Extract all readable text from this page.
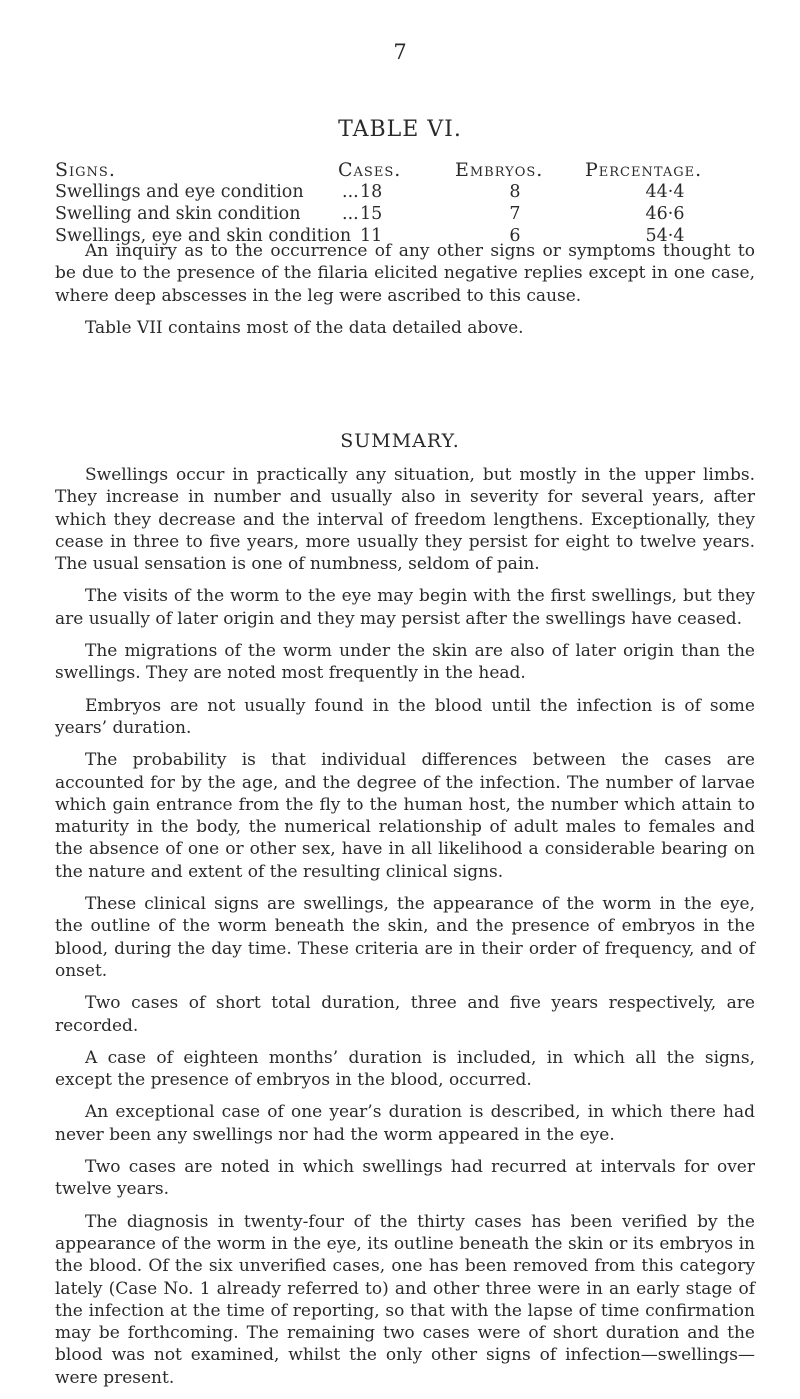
7
TABLE VI.
Signs.	Cases.	Embryos. Percentage.
Swellings and eye condition ... 18	8	44·4
Swelling and skin condition ... 15	7	46·6
Swellings, eye and skin condition 11	6	54·4

An inquiry as to the occurrence of any other signs or symptoms thought to be due to the presence of the filaria elicited negative replies except in one case, where deep abscesses in the leg were ascribed to this cause.

Table VII contains most of the data detailed above.

SUMMARY.

Swellings occur in practically any situation, but mostly in the upper limbs. They increase in number and usually also in severity for several years, after which they decrease and the interval of freedom lengthens. Exceptionally, they cease in three to five years, more usually they persist for eight to twelve years. The usual sensation is one of numbness, seldom of pain.

The visits of the worm to the eye may begin with the first swellings, but they are usually of later origin and they may persist after the swellings have ceased.

The migrations of the worm under the skin are also of later origin than the swellings. They are noted most frequently in the head.

Embryos are not usually found in the blood until the infection is of some years’ duration.

The probability is that individual differences between the cases are accounted for by the age, and the degree of the infection. The number of larvae which gain entrance from the fly to the human host, the number which attain to maturity in the body, the numerical relationship of adult males to females and the absence of one or other sex, have in all likelihood a considerable bearing on the nature and extent of the resulting clinical signs.

These clinical signs are swellings, the appearance of the worm in the eye, the outline of the worm beneath the skin, and the presence of embryos in the blood, during the day time. These criteria are in their order of frequency, and of onset.

Two cases of short total duration, three and five years respectively, are recorded.

A case of eighteen months’ duration is included, in which all the signs, except the presence of embryos in the blood, occurred.

An exceptional case of one year’s duration is described, in which there had never been any swellings nor had the worm appeared in the eye.

Two cases are noted in which swellings had recurred at intervals for over twelve years.

The diagnosis in twenty-four of the thirty cases has been verified by the appearance of the worm in the eye, its outline beneath the skin or its embryos in the blood. Of the six unverified cases, one has been removed from this category lately (Case No. 1 already referred to) and other three were in an early stage of the infection at the time of reporting, so that with the lapse of time confirmation may be forthcoming. The remaining two cases were of short duration and the blood was not examined, whilst the only other signs of infection—swellings—were present.
